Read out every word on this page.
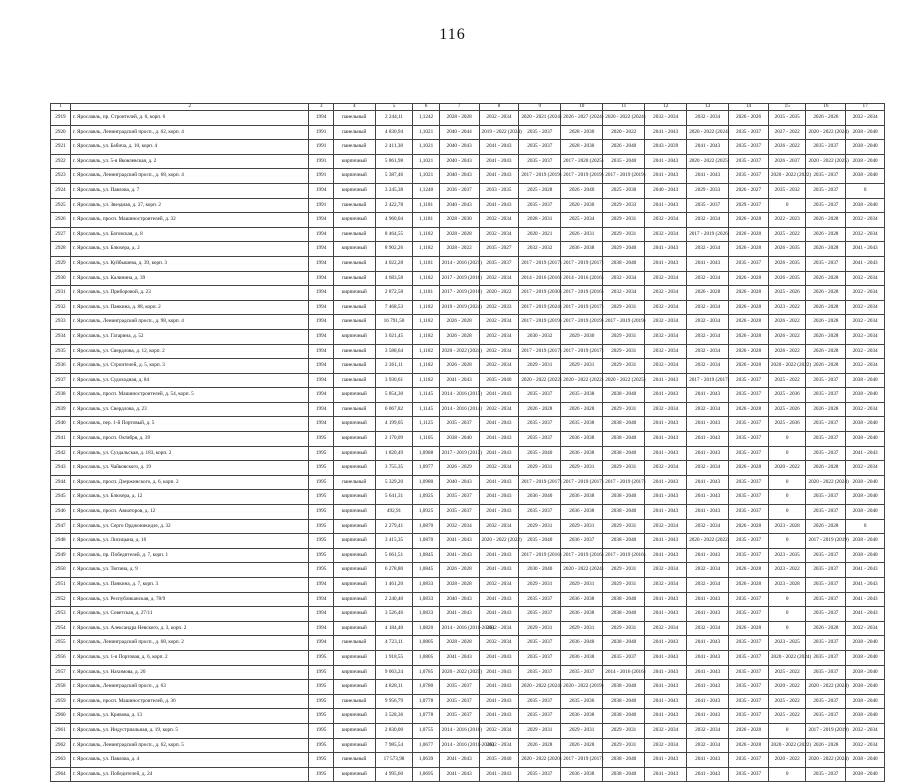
116
1	2	3	4	5	6	7	8	9	10	11	12	13	14	15	16	17
2919	г. Ярославль, пр. Строителей, д. 6, корп. 6	1994	панельный	2 244,11	1,1242	2028 - 2028	2032 - 2034	2020 - 2021 (2024)	2026 - 2027 (2024)	2020 - 2022 (2024)	2032 - 2034	2032 - 2034	2026 - 2026	2035 - 2035	2026 - 2026	2032 - 2034
2920	г. Ярославль, Ленинградский просп., д. 62, корп. 4	1991	панельный	4 830,94	1,1021	2040 - 2044	2019 - 2022 (2024)	2035 - 2037	2028 - 2030	2020 - 2022	2041 - 2043	2020 - 2022 (2024)	2035 - 2037	2027 - 2022	2020 - 2022 (2024)	2038 - 2040
2921	г. Ярославль, ул. Бабича, д. 10, корп. 4	1991	панельный	2 411,38	1,1021	2040 - 2043	2041 - 2043	2035 - 2037	2028 - 2030	2026 - 2040	2043 - 2039	2041 - 2043	2035 - 2037	2026 - 2022	2035 - 2037	2038 - 2040
2922	г. Ярославль, ул. 5-я Яковлевская, д. 2	1991	кирпичный	5 861,98	1,1021	2040 - 2043	2041 - 2043	2035 - 2037	2017 - 2020 (2025)	2035 - 2040	2041 - 2043	2020 - 2022 (2025)	2035 - 2037	2026 - 2037	2020 - 2022 (2025)	2038 - 2040
2923	г. Ярославль, Ленинградский просп., д. 68, корп. 4	1991	кирпичный	5 387,46	1,1021	2040 - 2043	2041 - 2043	2017 - 2019 (2019)	2017 - 2019 (2019)	2017 - 2019 (2019)	2041 - 2043	2041 - 2043	2035 - 2037	2020 - 2022 (2022)	2035 - 2037	2038 - 2040
2924	г. Ярославль, ул. Павлова, д. 7	1994	кирпичный	3 245,38	1,1240	2036 - 2037	2033 - 2035	2025 - 2028	2026 - 2040	2025 - 2030	2040 - 2043	2029 - 2033	2026 - 2027	2035 - 2032	2035 - 2037	0
2925	г. Ярославль, ул. Звездная, д. 37, корп. 2	1991	панельный	2 422,78	1,1181	2040 - 2043	2041 - 2043	2035 - 2037	2020 - 2030	2029 - 2033	2041 - 2043	2035 - 2037	2029 - 2037	0	2035 - 2037	2038 - 2040
2926	г. Ярославль, просп. Машиностроителей, д. 32	1994	кирпичный	4 960,04	1,1181	2028 - 2030	2032 - 2034	2028 - 2031	2025 - 2034	2029 - 2031	2032 - 2034	2032 - 2034	2026 - 2028	2022 - 2023	2026 - 2028	2032 - 2034
2927	г. Ярославль, ул. Батовская, д. 8	1994	панельный	8 464,55	1,1182	2028 - 2028	2032 - 2034	2020 - 2021	2026 - 2031	2029 - 2031	2032 - 2034	2017 - 2019 (2026)	2026 - 2028	2025 - 2022	2026 - 2028	2032 - 2034
2928	г. Ярославль, ул. Блюхера, д. 2	1994	кирпичный	8 902,26	1,1182	2028 - 2022	2035 - 2027	2032 - 2032	2036 - 2038	2029 - 2040	2041 - 2043	2032 - 2034	2026 - 2028	2026 - 2035	2026 - 2028	2041 - 2043
2929	г. Ярославль, ул. Куйбышева, д. 39, корп. 3	1994	панельный	4 022,28	1,1181	2014 - 2016 (2021)	2035 - 2037	2017 - 2019 (2017)	2017 - 2019 (2017)	2038 - 2040	2041 - 2043	2041 - 2043	2035 - 2037	2026 - 2035	2035 - 2037	2041 - 2043
2930	г. Ярославль, ул. Калинина, д. 39	1994	панельный	4 683,58	1,1182	2017 - 2019 (2016)	2032 - 2034	2014 - 2016 (2016)	2014 - 2016 (2016)	2032 - 2034	2032 - 2034	2032 - 2034	2026 - 2028	2026 - 2035	2026 - 2028	2032 - 2034
2931	г. Ярославль, ул. Приборовой, д. 23	1994	кирпичный	2 872,58	1,1181	2017 - 2019 (2016)	2020 - 2022	2017 - 2019 (2030)	2017 - 2019 (2016)	2032 - 2034	2032 - 2034	2026 - 2028	2026 - 2028	2025 - 2026	2026 - 2028	2032 - 2034
2932	г. Ярославль, ул. Панкина, д. 88, корп. 2	1994	панельный	7 468,53	1,1182	2019 - 2019 (2024)	2032 - 2033	2017 - 2019 (2024)	2017 - 2019 (2017)	2029 - 2031	2032 - 2034	2032 - 2034	2026 - 2028	2023 - 2022	2026 - 2028	2032 - 2034
2933	г. Ярославль, Ленинградский просп., д. 98, корп. 4	1994	панельный	16 791,50	1,1182	2026 - 2028	2032 - 2034	2017 - 2019 (2019)	2017 - 2019 (2019)	2017 - 2019 (2019)	2032 - 2034	2032 - 2034	2026 - 2028	2026 - 2022	2026 - 2028	2032 - 2034
2934	г. Ярославль, ул. Гагарина, д. 52	1994	кирпичный	3 021,45	1,1182	2026 - 2028	2032 - 2034	2030 - 2032	2029 - 2030	2029 - 2031	2032 - 2034	2032 - 2034	2026 - 2028	2026 - 2022	2026 - 2028	2032 - 2034
2935	г. Ярославль, ул. Свердлова, д. 12, корп. 2	1994	панельный	3 588,64	1,1182	2020 - 2022 (2024)	2032 - 2034	2017 - 2019 (2017)	2017 - 2019 (2017)	2029 - 2031	2032 - 2034	2032 - 2034	2026 - 2028	2026 - 2022	2026 - 2028	2032 - 2034
2936	г. Ярославль, ул. Строителей, д. 5, корп. 3	1994	панельный	2 361,11	1,1182	2026 - 2028	2032 - 2034	2029 - 2031	2029 - 2031	2029 - 2031	2032 - 2034	2032 - 2034	2026 - 2028	2020 - 2022 (2022)	2026 - 2028	2032 - 2034
2937	г. Ярославль, ул. Судоходная, д. 84	1994	панельный	3 930,61	1,1182	2041 - 2043	2035 - 2040	2020 - 2022 (2022)	2020 - 2022 (2022)	2020 - 2022 (2025)	2041 - 2043	2017 - 2019 (2017)	2035 - 2037	2025 - 2022	2035 - 2037	2038 - 2040
2938	г. Ярославль, просп. Машиностроителей, д. 54, корп. 5	1994	кирпичный	5 854,30	1,1145	2014 - 2016 (2015)	2041 - 2043	2035 - 2037	2035 - 2038	2038 - 2040	2041 - 2043	2041 - 2043	2035 - 2037	2025 - 2036	2035 - 2037	2038 - 2040
2939	г. Ярославль, ул. Свердлова, д. 23	1994	панельный	6 067,82	1,1145	2014 - 2016 (2014)	2032 - 2034	2026 - 2028	2026 - 2028	2029 - 2031	2032 - 2034	2032 - 2034	2026 - 2028	2025 - 2026	2026 - 2028	2032 - 2034
2940	г. Ярославль, пер. 1-й Портовый, д. 5	1994	кирпичный	4 199,05	1,1125	2035 - 2037	2041 - 2043	2035 - 2037	2035 - 2038	2038 - 2040	2041 - 2043	2041 - 2043	2035 - 2037	2025 - 2036	2035 - 2037	2038 - 2040
2941	г. Ярославль, просп. Октября, д. 39	1995	кирпичный	2 170,09	1,1105	2038 - 2040	2041 - 2043	2035 - 2037	2036 - 2038	2038 - 2040	2041 - 2043	2041 - 2043	2035 - 2037	0	2035 - 2037	2038 - 2040
2942	г. Ярославль, ул. Суздальская, д. 183, корп. 2	1995	кирпичный	1 820,49	1,0988	2017 - 2019 (2015)	2041 - 2043	2035 - 2040	2036 - 2038	2038 - 2040	2041 - 2043	2041 - 2043	2035 - 2037	0	2035 - 2037	2041 - 2043
2943	г. Ярославль, ул. Чайковского, д. 19	1995	кирпичный	3 755,35	1,0977	2026 - 2029	2032 - 2034	2029 - 2031	2029 - 2031	2029 - 2031	2032 - 2034	2032 - 2034	2026 - 2028	2020 - 2022	2026 - 2028	2032 - 2034
2944	г. Ярославль, просп. Дзержинского, д. 6, корп. 2	1995	панельный	5 329,20	1,0980	2040 - 2043	2041 - 2043	2017 - 2019 (2017)	2017 - 2019 (2017)	2017 - 2019 (2017)	2041 - 2043	2041 - 2043	2035 - 2037	0	2020 - 2022 (2024)	2038 - 2040
2945	г. Ярославль, ул. Блюхера, д. 12	1995	кирпичный	5 641,31	1,0925	2035 - 2037	2041 - 2043	2036 - 2040	2036 - 2038	2038 - 2040	2041 - 2043	2041 - 2043	2035 - 2037	0	2035 - 2037	2038 - 2040
2946	г. Ярославль, просп. Авиаторов, д. 12	1995	кирпичный	492,91	1,0925	2035 - 2037	2041 - 2043	2035 - 2037	2036 - 2038	2038 - 2040	2041 - 2043	2041 - 2043	2035 - 2037	0	2035 - 2037	2038 - 2040
2947	г. Ярославль, ул. Серго Орджоникидзе, д. 32	1995	кирпичный	2 279,41	1,0870	2032 - 2034	2032 - 2034	2029 - 2031	2029 - 2031	2029 - 2031	2032 - 2034	2032 - 2034	2026 - 2028	2023 - 2028	2026 - 2028	0
2948	г. Ярославль, ул. Лисицына, д. 16	1995	кирпичный	3 415,35	1,0870	2041 - 2043	2020 - 2022 (2022)	2035 - 2040	2036 - 2037	2038 - 2040	2041 - 2043	2020 - 2022 (2022)	2035 - 2037	0	2017 - 2019 (2019)	2038 - 2040
2949	г. Ярославль, пр. Победителей, д. 7, корп. 1	1995	кирпичный	5 661,51	1,0845	2041 - 2043	2041 - 2043	2017 - 2019 (2016)	2017 - 2019 (2016)	2017 - 2019 (2016)	2041 - 2043	2041 - 2043	2035 - 2037	2023 - 2035	2035 - 2037	2038 - 2040
2950	г. Ярославль, ул. Тютина, д. 9	1995	кирпичный	6 278,80	1,0845	2026 - 2028	2041 - 2043	2030 - 2040	2020 - 2022 (2024)	2029 - 2031	2032 - 2034	2032 - 2034	2026 - 2028	2023 - 2022	2035 - 2037	2041 - 2043
2951	г. Ярославль, ул. Панкина, д. 7, корп. 3	1994	кирпичный	1 461,20	1,0833	2028 - 2028	2032 - 2034	2029 - 2031	2029 - 2031	2029 - 2031	2032 - 2034	2032 - 2034	2026 - 2028	2023 - 2028	2035 - 2037	2041 - 2043
2952	г. Ярославль, ул. Республиканская, д. 78/9	1994	кирпичный	2 240,40	1,0833	2040 - 2043	2041 - 2043	2035 - 2037	2036 - 2038	2038 - 2040	2041 - 2043	2041 - 2043	2035 - 2037	0	2035 - 2037	2041 - 2043
2953	г. Ярославль, ул. Советская, д. 27/11	1994	кирпичный	3 526,46	1,0833	2041 - 2043	2041 - 2043	2035 - 2037	2036 - 2038	2038 - 2040	2041 - 2043	2041 - 2043	2035 - 2037	0	2035 - 2037	2041 - 2043
2954	г. Ярославль, ул. Александра Невского, д. 3, корп. 2	1994	кирпичный	4 184,40	1,0820	2014 - 2016 (2011-2016)	2032 - 2034	2029 - 2031	2029 - 2031	2029 - 2031	2032 - 2034	2032 - 2034	2026 - 2028	0	2026 - 2028	2032 - 2034
2955	г. Ярославль, Ленинградский просп., д. 68, корп. 2	1994	панельный	4 723,11	1,0805	2028 - 2028	2032 - 2034	2035 - 2037	2036 - 2040	2038 - 2040	2041 - 2043	2041 - 2043	2035 - 2037	2023 - 2025	2035 - 2037	2038 - 2040
2956	г. Ярославль, ул. 1-я Портовая, д. 6, корп. 2	1995	кирпичный	1 918,55	1,0805	2041 - 2043	2041 - 2043	2035 - 2037	2036 - 2038	2035 - 2037	2041 - 2043	2041 - 2043	2035 - 2037	2020 - 2022 (2024)	2035 - 2037	2038 - 2040
2957	г. Ярославль, ул. Нахимова, д. 20	1995	кирпичный	9 063,24	1,0785	2020 - 2022 (2025)	2041 - 2043	2035 - 2037	2035 - 2037	2014 - 2016 (2016)	2041 - 2043	2041 - 2043	2035 - 2037	2025 - 2022	2035 - 2037	2038 - 2040
2958	г. Ярославль, Ленинградский просп., д. 63	1995	кирпичный	4 828,11	1,0780	2035 - 2037	2041 - 2043	2020 - 2022 (2024)	2020 - 2022 (2019)	2038 - 2040	2041 - 2043	2041 - 2043	2035 - 2037	2020 - 2022	2020 - 2022 (2024)	2038 - 2040
2959	г. Ярославль, просп. Машиностроителей, д. 36	1995	панельный	9 956,79	1,0778	2035 - 2037	2041 - 2043	2035 - 2037	2035 - 2036	2038 - 2040	2041 - 2043	2041 - 2043	2035 - 2037	2025 - 2022	2035 - 2037	2038 - 2040
2960	г. Ярославль, ул. Кривова, д. 13	1995	кирпичный	3 528,36	1,0778	2035 - 2037	2041 - 2043	2035 - 2037	2036 - 2038	2038 - 2040	2041 - 2043	2041 - 2043	2035 - 2037	2025 - 2022	2035 - 2037	2038 - 2040
2961	г. Ярославль, ул. Индустриальная, д. 19, корп. 5	1995	кирпичный	2 830,00	1,0755	2014 - 2016 (2016)	2032 - 2034	2029 - 2031	2029 - 2031	2029 - 2031	2032 - 2034	2032 - 2034	2026 - 2028	0	2017 - 2019 (2019)	2032 - 2034
2962	г. Ярославль, Ленинградский просп., д. 62, корп. 5	1995	кирпичный	7 985,54	1,0677	2014 - 2016 (2011-2016)	2032 - 2034	2026 - 2028	2026 - 2028	2029 - 2031	2032 - 2034	2032 - 2034	2026 - 2028	2020 - 2022 (2022)	2026 - 2028	2032 - 2034
2963	г. Ярославль, ул. Павлова, д. 4	1995	панельный	17 573,98	1,0639	2041 - 2043	2035 - 2040	2020 - 2022 (2020)	2017 - 2019 (2017)	2038 - 2040	2041 - 2043	2041 - 2043	2035 - 2037	2020 - 2022	2020 - 2022 (2024)	2038 - 2040
2964	г. Ярославль, ул. Победителей, д. 24	1995	кирпичный	4 995,60	1,0695	2041 - 2043	2041 - 2043	2035 - 2037	2036 - 2038	2038 - 2040	2041 - 2043	2041 - 2043	2035 - 2037	0	2035 - 2037	2038 - 2040
